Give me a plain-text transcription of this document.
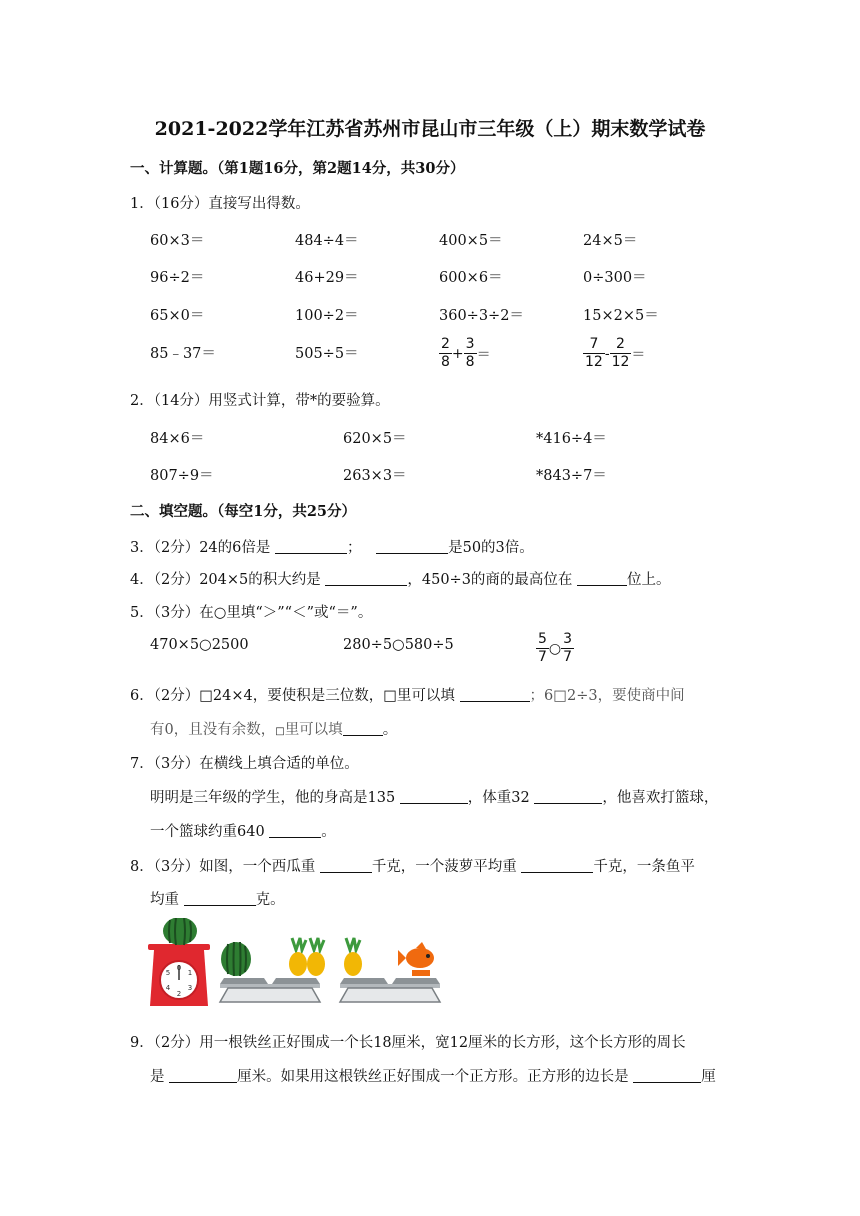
2021-2022学年江苏省苏州市昆山市三年级（上）期末数学试卷
一、计算题。（第1题16分，第2题14分，共30分）
1．（16分）直接写出得数。
60×3＝	484÷4＝	400×5＝	24×5＝
96÷2＝	46+29＝	600×6＝	0÷300＝
65×0＝	100÷2＝	360÷3÷2＝	15×2×5＝
85﹣37＝	505÷5＝	$\frac{2}{8} + \frac{3}{8}$ ＝	$\frac{7}{12} - \frac{2}{12}$ ＝
2．（14分）用竖式计算，带*的要验算。
84×6＝	620×5＝	*416÷4＝
807÷9＝	263×3＝	*843÷7＝
二、填空题。（每空1分，共25分）
3．（2分）24的6倍是	；	是50的3倍。
4．（2分）204×5的积大约是	，450÷3的商的最高位在	位上。
5．（3分）在○里填“＞”“＜”或“＝”。
470×5○2500	280÷5○580÷5	$\frac{5}{7}$ ○ $\frac{3}{7}$
6．（2分）□24×4，要使积是三位数，□里可以填	；6□2÷3，要使商中间
有0，且没有余数，□里可以填	。
7．（3分）在横线上填合适的单位。
明明是三年级的学生，他的身高是135	，体重32	，他喜欢打篮球，
一个篮球约重640	。
8．（3分）如图，一个西瓜重	千克，一个菠萝平均重	千克，一条鱼平
均重	克。
0
5	1
4	3
2
9．（2分）用一根铁丝正好围成一个长18厘米，宽12厘米的长方形，这个长方形的周长
是	厘米。如果用这根铁丝正好围成一个正方形。正方形的边长是	厘
